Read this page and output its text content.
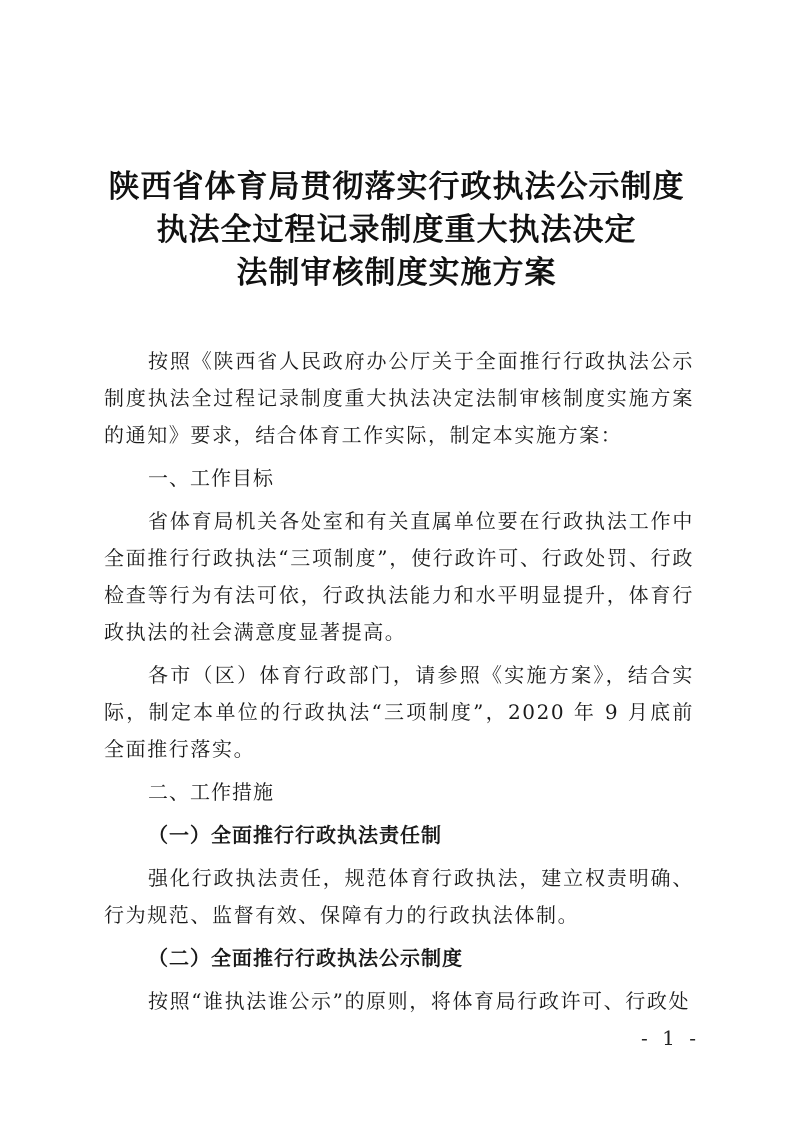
陕西省体育局贯彻落实行政执法公示制度
执法全过程记录制度重大执法决定
法制审核制度实施方案

按照《陕西省人民政府办公厅关于全面推行行政执法公示制度执法全过程记录制度重大执法决定法制审核制度实施方案的通知》要求，结合体育工作实际，制定本实施方案：

一、工作目标

省体育局机关各处室和有关直属单位要在行政执法工作中全面推行行政执法“三项制度”，使行政许可、行政处罚、行政检查等行为有法可依，行政执法能力和水平明显提升，体育行政执法的社会满意度显著提高。

各市（区）体育行政部门，请参照《实施方案》，结合实际，制定本单位的行政执法“三项制度”，2020 年 9 月底前全面推行落实。

二、工作措施

（一）全面推行行政执法责任制

强化行政执法责任，规范体育行政执法，建立权责明确、行为规范、监督有效、保障有力的行政执法体制。

（二）全面推行行政执法公示制度

按照“谁执法谁公示”的原则，将体育局行政许可、行政处

- 1 -
